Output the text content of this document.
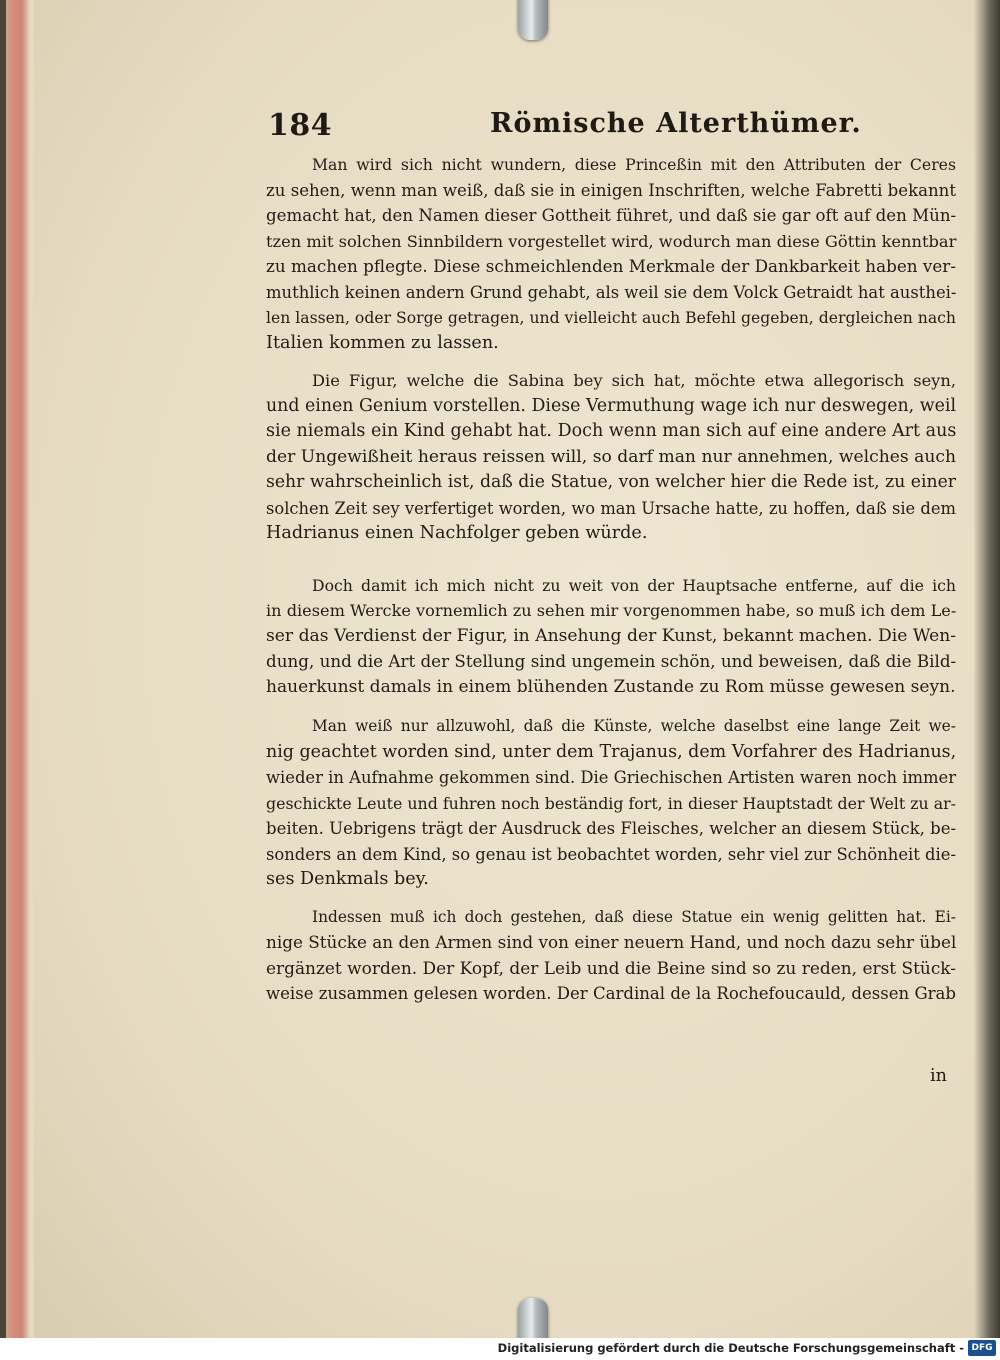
184	Römische Alterthümer.

Man wird sich nicht wundern, diese Princeßin mit den Attributen der Ceres
zu sehen, wenn man weiß, daß sie in einigen Inschriften, welche Fabretti bekannt
gemacht hat, den Namen dieser Gottheit führet, und daß sie gar oft auf den Mün-
tzen mit solchen Sinnbildern vorgestellet wird, wodurch man diese Göttin kenntbar
zu machen pflegte. Diese schmeichlenden Merkmale der Dankbarkeit haben ver-
muthlich keinen andern Grund gehabt, als weil sie dem Volck Getraidt hat austhei-
len lassen, oder Sorge getragen, und vielleicht auch Befehl gegeben, dergleichen nach
Italien kommen zu lassen.

Die Figur, welche die Sabina bey sich hat, möchte etwa allegorisch seyn,
und einen Genium vorstellen. Diese Vermuthung wage ich nur deswegen, weil
sie niemals ein Kind gehabt hat. Doch wenn man sich auf eine andere Art aus
der Ungewißheit heraus reissen will, so darf man nur annehmen, welches auch
sehr wahrscheinlich ist, daß die Statue, von welcher hier die Rede ist, zu einer
solchen Zeit sey verfertiget worden, wo man Ursache hatte, zu hoffen, daß sie dem
Hadrianus einen Nachfolger geben würde.

Doch damit ich mich nicht zu weit von der Hauptsache entferne, auf die ich
in diesem Wercke vornemlich zu sehen mir vorgenommen habe, so muß ich dem Le-
ser das Verdienst der Figur, in Ansehung der Kunst, bekannt machen. Die Wen-
dung, und die Art der Stellung sind ungemein schön, und beweisen, daß die Bild-
hauerkunst damals in einem blühenden Zustande zu Rom müsse gewesen seyn.

Man weiß nur allzuwohl, daß die Künste, welche daselbst eine lange Zeit we-
nig geachtet worden sind, unter dem Trajanus, dem Vorfahrer des Hadrianus,
wieder in Aufnahme gekommen sind. Die Griechischen Artisten waren noch immer
geschickte Leute und fuhren noch beständig fort, in dieser Hauptstadt der Welt zu ar-
beiten. Uebrigens trägt der Ausdruck des Fleisches, welcher an diesem Stück, be-
sonders an dem Kind, so genau ist beobachtet worden, sehr viel zur Schönheit die-
ses Denkmals bey.

Indessen muß ich doch gestehen, daß diese Statue ein wenig gelitten hat. Ei-
nige Stücke an den Armen sind von einer neuern Hand, und noch dazu sehr übel
ergänzet worden. Der Kopf, der Leib und die Beine sind so zu reden, erst Stück-
weise zusammen gelesen worden. Der Cardinal de la Rochefoucauld, dessen Grab

in
Digitalisierung gefördert durch die Deutsche Forschungsgemeinschaft - DFG
